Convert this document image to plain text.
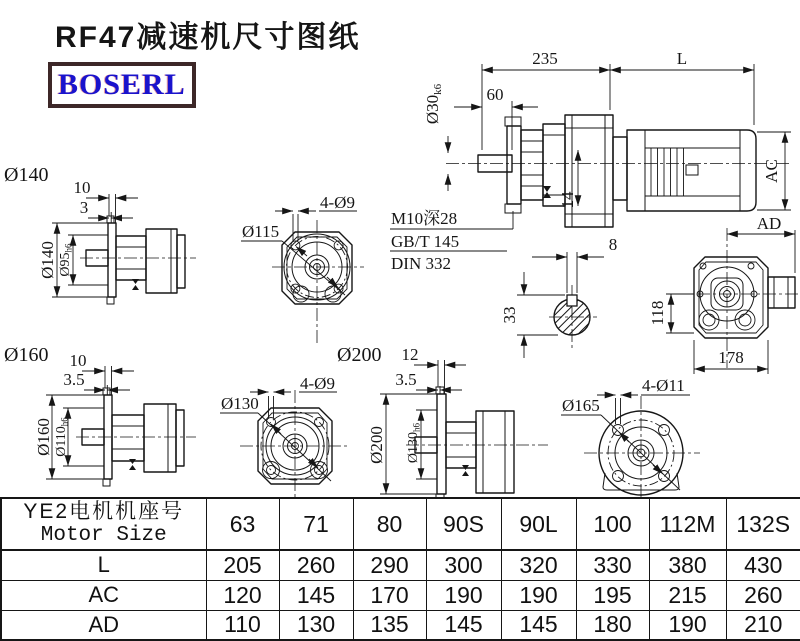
RF47减速机尺寸图纸
BOSERL
235	L
60
Ø30k6
14
AC
M10深28
GB/T 145
DIN 332
Ø140
10
3
Ø140 Ø95h6
4-Ø9
Ø115
8
33
AD
118
178
Ø160 10
3.5
Ø160 Ø110h6
4-Ø9
Ø130
Ø200 12
3.5
Ø200 Ø130h6
4-Ø11
Ø165
YE2电机机座号
Motor Size	63	71	80	90S	90L	100	112M	132S
L	205	260	290	300	320	330	380	430
AC	120	145	170	190	190	195	215	260
AD	110	130	135	145	145	180	190	210
